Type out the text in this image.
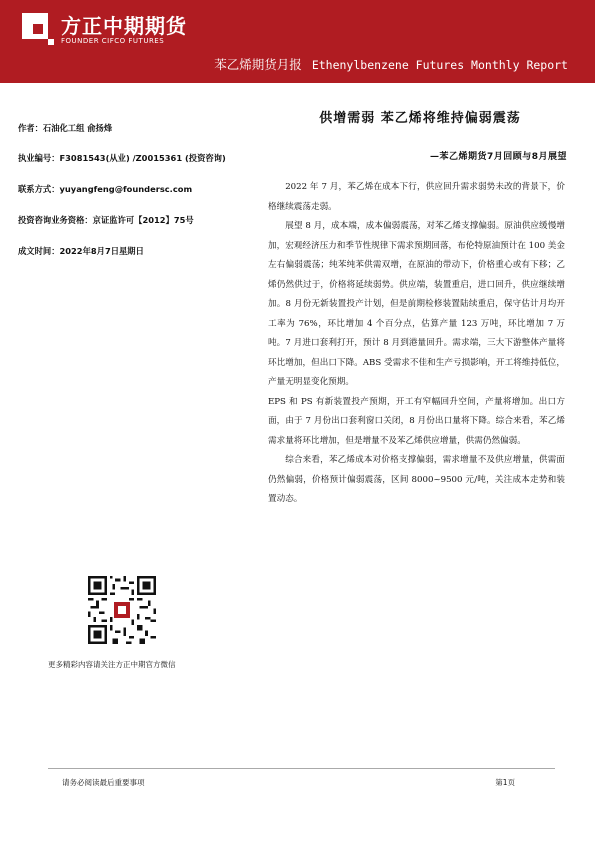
方正中期期货
FOUNDER CIFCO FUTURES
苯乙烯期货月报 Ethenylbenzene Futures Monthly Report
作者：石油化工组 俞扬烽
执业编号：F3081543(从业) /Z0015361 (投资咨询)
联系方式：yuyangfeng@foundersc.com
投资咨询业务资格：京证监许可【2012】75号
成文时间：2022年8月7日星期日
供增需弱 苯乙烯将维持偏弱震荡
—苯乙烯期货7月回顾与8月展望

2022 年 7 月，苯乙烯在成本下行，供应回升需求弱势未改的背景下，价格继续震荡走弱。

展望 8 月，成本端，成本偏弱震荡，对苯乙烯支撑偏弱。原油供应缓慢增加，宏观经济压力和季节性规律下需求预期回落，布伦特原油预计在 100 美金左右偏弱震荡；纯苯纯苯供需双增，在原油的带动下，价格重心或有下移；乙烯仍然供过于，价格将延续弱势。供应端，装置重启，进口回升，供应继续增加。8 月份无新装置投产计划，但是前期检修装置陆续重启，保守估计月均开工率为 76%，环比增加 4 个百分点，估算产量 123 万吨，环比增加 7 万吨。7 月进口套利打开，预计 8 月到港量回升。需求端，三大下游整体产量将环比增加，但出口下降。ABS 受需求不佳和生产亏损影响，开工将维持低位，产量无明显变化预期。

EPS 和 PS 有新装置投产预期，开工有窄幅回升空间，产量将增加。出口方面，由于 7 月份出口套利窗口关闭，8 月份出口量将下降。综合来看，苯乙烯需求量将环比增加，但是增量不及苯乙烯供应增量，供需仍然偏弱。

综合来看，苯乙烯成本对价格支撑偏弱，需求增量不及供应增量，供需面仍然偏弱，价格预计偏弱震荡，区间 8000~9500 元/吨，关注成本走势和装置动态。

更多精彩内容请关注方正中期官方微信
请务必阅读最后重要事项	第1页
